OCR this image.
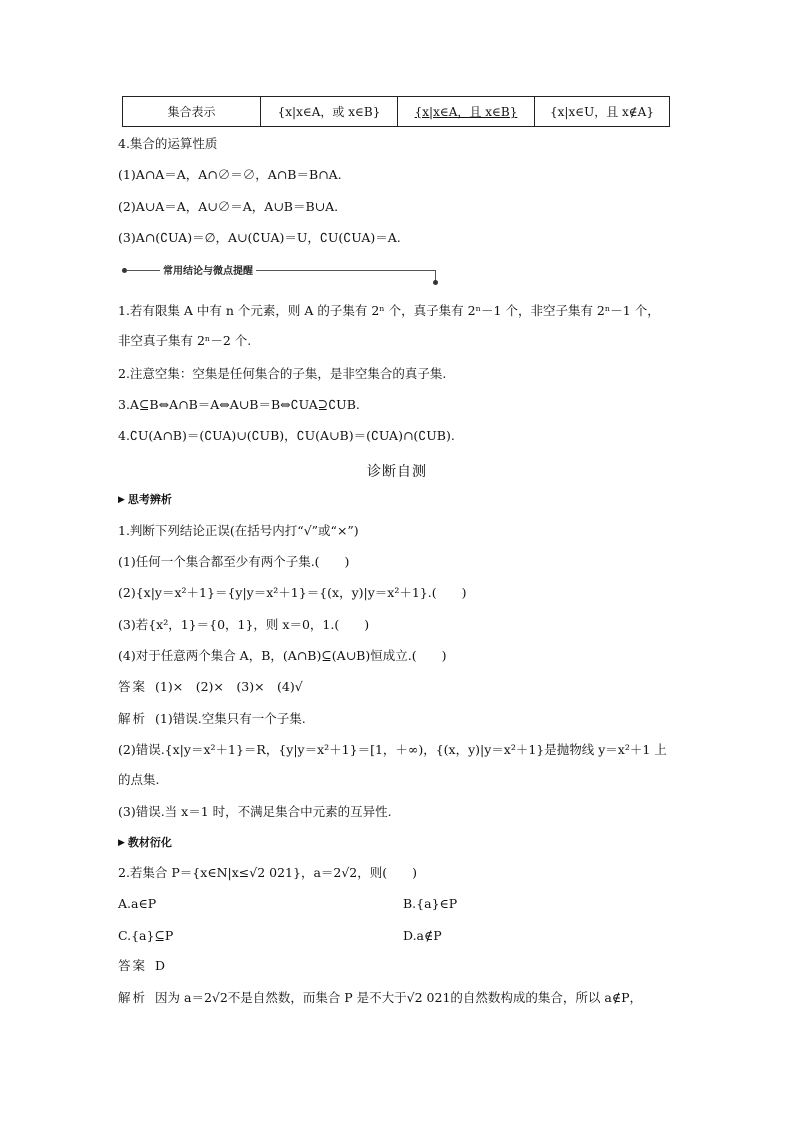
集合表示	{x|x∈A，或 x∈B}	{x|x∈A，且 x∈B}	{x|x∈U，且 x∉A}
4.集合的运算性质
(1)A∩A＝A，A∩∅＝∅，A∩B＝B∩A.
(2)A∪A＝A，A∪∅＝A，A∪B＝B∪A.
(3)A∩(∁UA)＝∅，A∪(∁UA)＝U，∁U(∁UA)＝A.
常用结论与微点提醒
1.若有限集 A 中有 n 个元素，则 A 的子集有 2ⁿ 个，真子集有 2ⁿ－1 个，非空子集有 2ⁿ－1 个，
非空真子集有 2ⁿ－2 个.
2.注意空集：空集是任何集合的子集，是非空集合的真子集.
3.A⊆B⇔A∩B＝A⇔A∪B＝B⇔∁UA⊇∁UB.
4.∁U(A∩B)＝(∁UA)∪(∁UB)，∁U(A∪B)＝(∁UA)∩(∁UB).
诊断自测
▶ 思考辨析
1.判断下列结论正误(在括号内打“√”或“×”)
(1)任何一个集合都至少有两个子集.(　　)
(2){x|y＝x²＋1}＝{y|y＝x²＋1}＝{(x，y)|y＝x²＋1}.(　　)
(3)若{x²，1}＝{0，1}，则 x＝0，1.(　　)
(4)对于任意两个集合 A，B，(A∩B)⊆(A∪B)恒成立.(　　)
答案 (1)×　(2)×　(3)×　(4)√
解析 (1)错误.空集只有一个子集.
(2)错误.{x|y＝x²＋1}＝R，{y|y＝x²＋1}＝[1，＋∞)，{(x，y)|y＝x²＋1}是抛物线 y＝x²＋1 上
的点集.
(3)错误.当 x＝1 时，不满足集合中元素的互异性.
▶ 教材衍化
2.若集合 P＝{x∈N|x≤√2 021}，a＝2√2，则(　　)
A.a∈P	B.{a}∈P
C.{a}⊆P	D.a∉P
答案 D
解析 因为 a＝2√2不是自然数，而集合 P 是不大于√2 021的自然数构成的集合，所以 a∉P，
